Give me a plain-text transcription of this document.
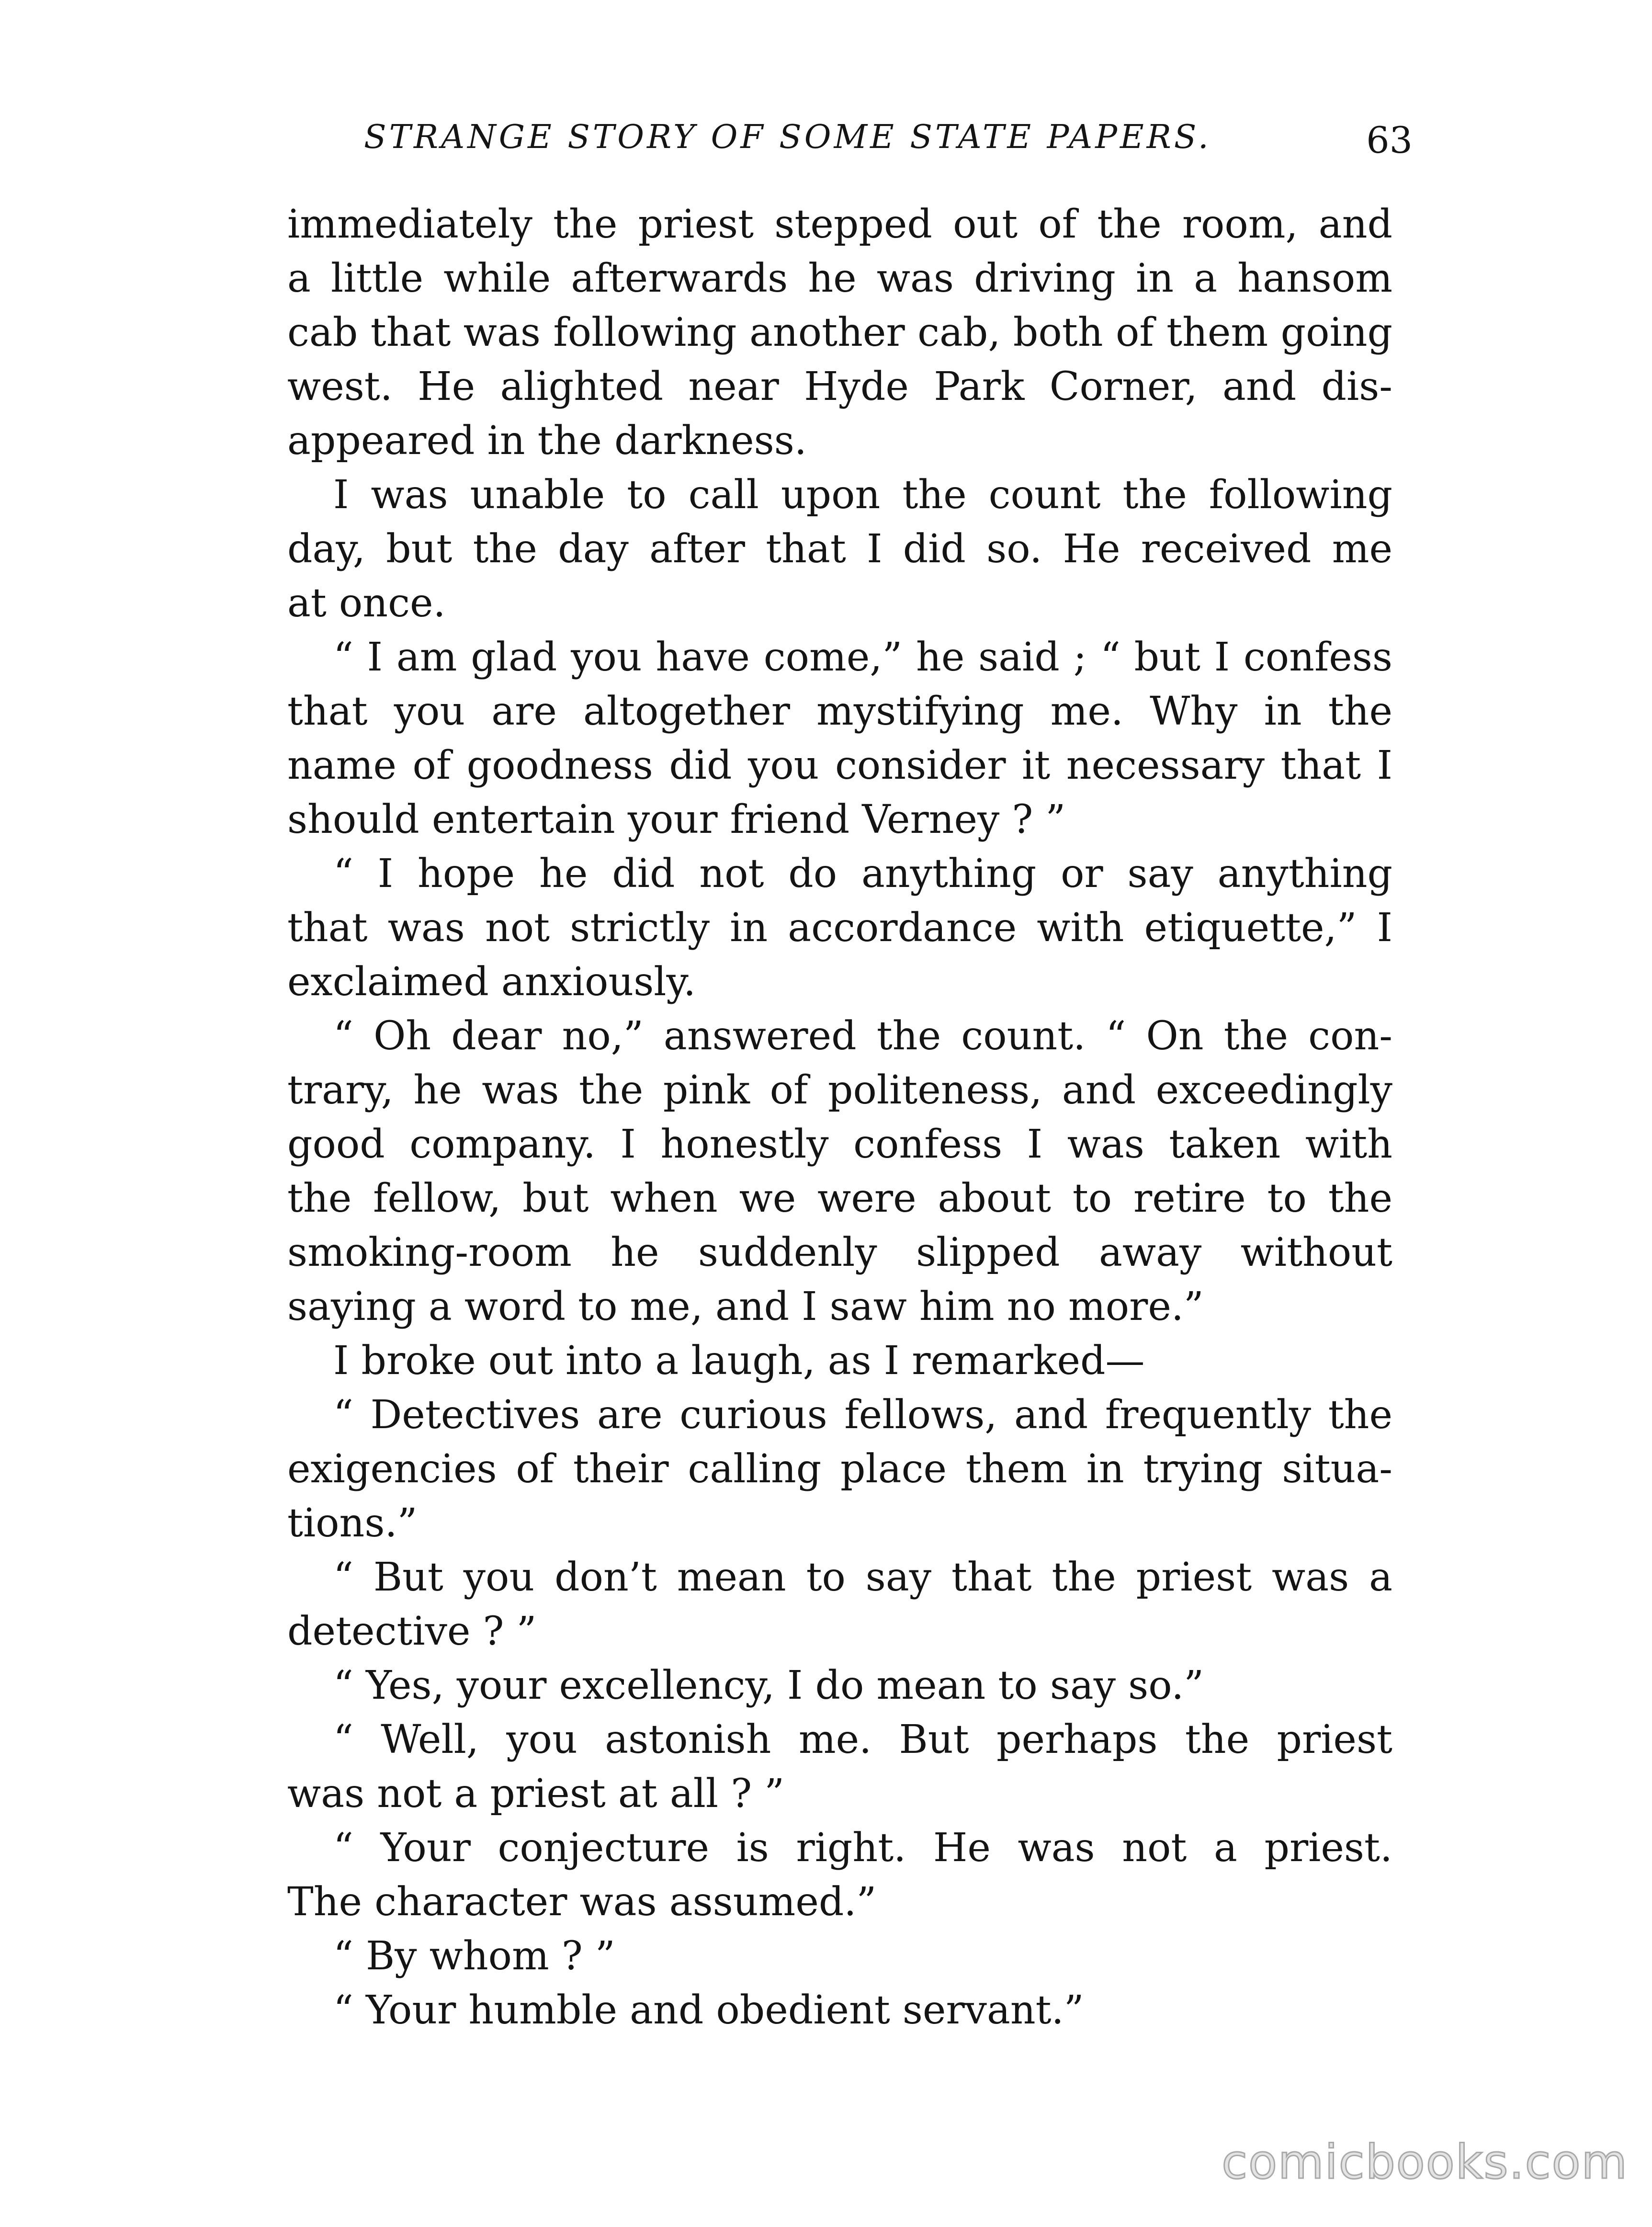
STRANGE STORY OF SOME STATE PAPERS.	63
immediately the priest stepped out of the room, and
a little while afterwards he was driving in a hansom
cab that was following another cab, both of them going
west. He alighted near Hyde Park Corner, and dis-
appeared in the darkness.
I was unable to call upon the count the following
day, but the day after that I did so. He received me
at once.
“ I am glad you have come,” he said ; “ but I confess
that you are altogether mystifying me. Why in the
name of goodness did you consider it necessary that I
should entertain your friend Verney ? ”
“ I hope he did not do anything or say anything
that was not strictly in accordance with etiquette,” I
exclaimed anxiously.
“ Oh dear no,” answered the count. “ On the con-
trary, he was the pink of politeness, and exceedingly
good company. I honestly confess I was taken with
the fellow, but when we were about to retire to the
smoking-room he suddenly slipped away without
saying a word to me, and I saw him no more.”
I broke out into a laugh, as I remarked—
“ Detectives are curious fellows, and frequently the
exigencies of their calling place them in trying situa-
tions.”
“ But you don’t mean to say that the priest was a
detective ? ”
“ Yes, your excellency, I do mean to say so.”
“ Well, you astonish me. But perhaps the priest
was not a priest at all ? ”
“ Your conjecture is right. He was not a priest.
The character was assumed.”
“ By whom ? ”
“ Your humble and obedient servant.”
comicbooks.com
